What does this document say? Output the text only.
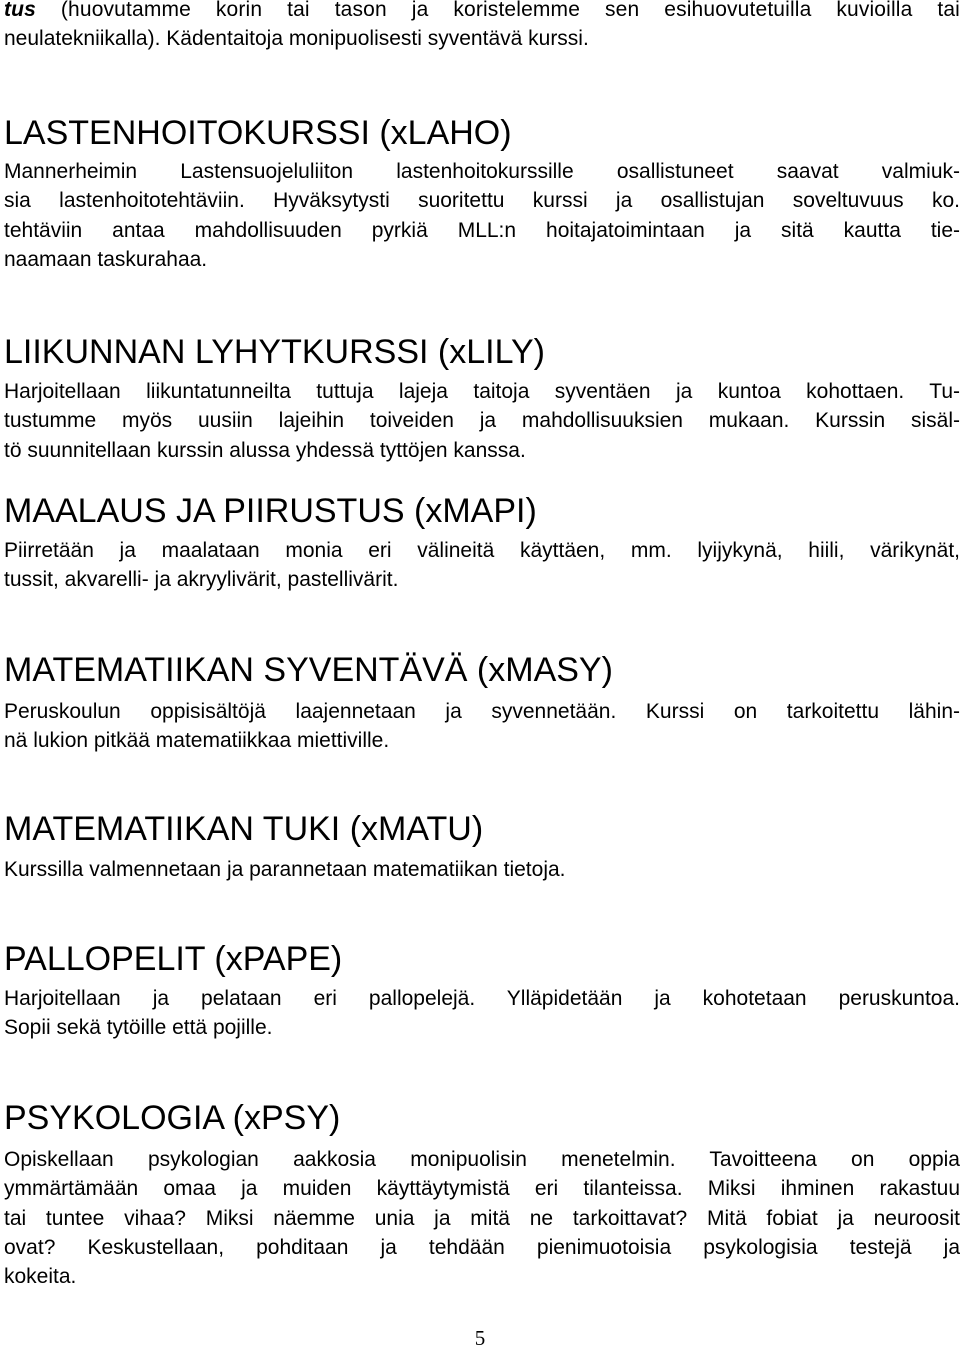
tus (huovutamme korin tai tason ja koristelemme sen esihuovutetuilla kuvioilla tai
neulatekniikalla). Kädentaitoja monipuolisesti syventävä kurssi.
LASTENHOITOKURSSI (xLAHO)
Mannerheimin Lastensuojeluliiton lastenhoitokurssille osallistuneet saavat valmiuk-
sia lastenhoitotehtäviin. Hyväksytysti suoritettu kurssi ja osallistujan soveltuvuus ko.
tehtäviin antaa mahdollisuuden pyrkiä MLL:n hoitajatoimintaan ja sitä kautta tie-
naamaan taskurahaa.
LIIKUNNAN LYHYTKURSSI (xLILY)
Harjoitellaan liikuntatunneilta tuttuja lajeja taitoja syventäen ja kuntoa kohottaen. Tu-
tustumme myös uusiin lajeihin toiveiden ja mahdollisuuksien mukaan. Kurssin sisäl-
tö suunnitellaan kurssin alussa yhdessä tyttöjen kanssa.
MAALAUS JA PIIRUSTUS (xMAPI)
Piirretään ja maalataan monia eri välineitä käyttäen, mm. lyijykynä, hiili, värikynät,
tussit, akvarelli- ja akryylivärit, pastellivärit.
MATEMATIIKAN SYVENTÄVÄ (xMASY)
Peruskoulun oppisisältöjä laajennetaan ja syvennetään. Kurssi on tarkoitettu lähin-
nä lukion pitkää matematiikkaa miettiville.
MATEMATIIKAN TUKI (xMATU)
Kurssilla valmennetaan ja parannetaan matematiikan tietoja.
PALLOPELIT (xPAPE)
Harjoitellaan ja pelataan eri pallopelejä. Ylläpidetään ja kohotetaan peruskuntoa.
Sopii sekä tytöille että pojille.
PSYKOLOGIA (xPSY)
Opiskellaan psykologian aakkosia monipuolisin menetelmin. Tavoitteena on oppia
ymmärtämään omaa ja muiden käyttäytymistä eri tilanteissa. Miksi ihminen rakastuu
tai tuntee vihaa? Miksi näemme unia ja mitä ne tarkoittavat? Mitä fobiat ja neuroosit
ovat? Keskustellaan, pohditaan ja tehdään pienimuotoisia psykologisia testejä ja
kokeita.
5
